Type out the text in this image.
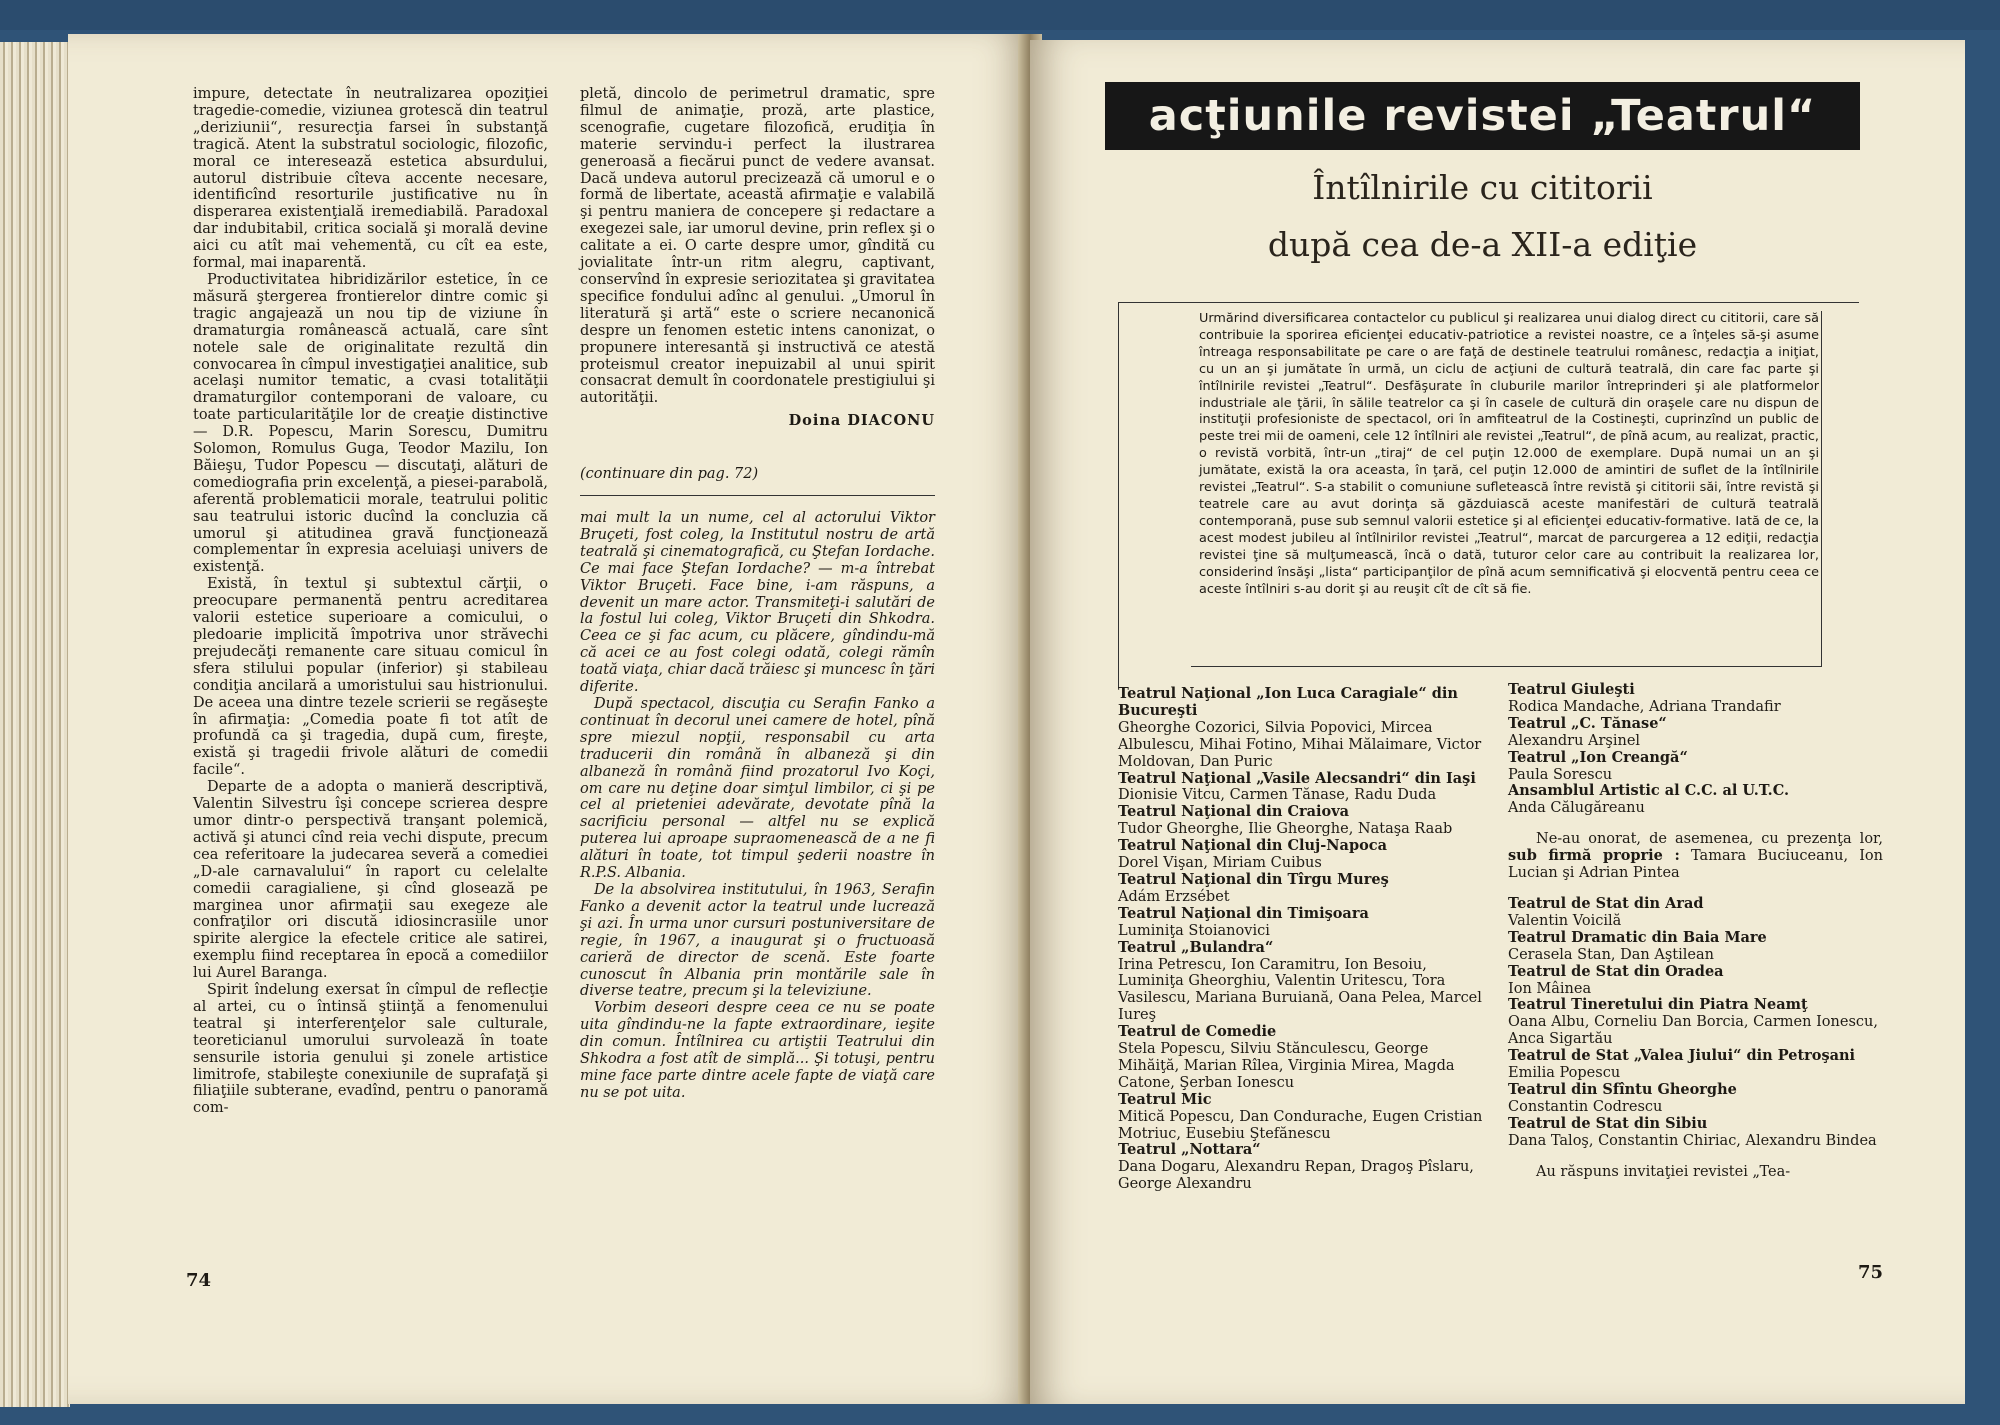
impure, detectate în neutralizarea opoziţiei tragedie-comedie, viziunea grotescă din teatrul „deriziunii“, resurecţia farsei în substanţă tragică. Atent la substratul sociologic, filozofic, moral ce interesează estetica absurdului, autorul distribuie cîteva accente necesare, identificînd resorturile justificative nu în disperarea existenţială iremediabilă. Paradoxal dar indubitabil, critica socială şi morală devine aici cu atît mai vehementă, cu cît ea este, formal, mai inaparentă.

Productivitatea hibridizărilor estetice, în ce măsură ştergerea frontierelor dintre comic şi tragic angajează un nou tip de viziune în dramaturgia românească actuală, care sînt notele sale de originalitate rezultă din convocarea în cîmpul investigaţiei analitice, sub acelaşi numitor tematic, a cvasi totalităţii dramaturgilor contemporani de valoare, cu toate particularităţile lor de creaţie distinctive — D.R. Popescu, Marin Sorescu, Dumitru Solomon, Romulus Guga, Teodor Mazilu, Ion Băieşu, Tudor Popescu — discutaţi, alături de comediografia prin excelenţă, a piesei-parabolă, aferentă problematicii morale, teatrului politic sau teatrului istoric ducînd la concluzia că umorul şi atitudinea gravă funcţionează complementar în expresia aceluiaşi univers de existenţă.

Există, în textul şi subtextul cărţii, o preocupare permanentă pentru acreditarea valorii estetice superioare a comicului, o pledoarie implicită împotriva unor străvechi prejudecăţi remanente care situau comicul în sfera stilului popular (inferior) şi stabileau condiţia ancilară a umoristului sau histrionului. De aceea una dintre tezele scrierii se regăseşte în afirmaţia: „Comedia poate fi tot atît de profundă ca şi tragedia, după cum, fireşte, există şi tragedii frivole alături de comedii facile“.

Departe de a adopta o manieră descriptivă, Valentin Silvestru îşi concepe scrierea despre umor dintr-o perspectivă tranşant polemică, activă şi atunci cînd reia vechi dispute, precum cea referitoare la judecarea severă a comediei „D-ale carnavalului“ în raport cu celelalte comedii caragialiene, şi cînd glosează pe marginea unor afirmaţii sau exegeze ale confraţilor ori discută idiosincrasiile unor spirite alergice la efectele critice ale satirei, exemplu fiind receptarea în epocă a comediilor lui Aurel Baranga.

Spirit îndelung exersat în cîmpul de reflecţie al artei, cu o întinsă ştiinţă a fenomenului teatral şi interferenţelor sale culturale, teoreticianul umorului survolează în toate sensurile istoria genului şi zonele artistice limitrofe, stabileşte conexiunile de suprafaţă şi filiaţiile subterane, evadînd, pentru o panoramă com-

pletă, dincolo de perimetrul dramatic, spre filmul de animaţie, proză, arte plastice, scenografie, cugetare filozofică, erudiţia în materie servindu-i perfect la ilustrarea generoasă a fiecărui punct de vedere avansat. Dacă undeva autorul precizează că umorul e o formă de libertate, această afirmaţie e valabilă şi pentru maniera de concepere şi redactare a exegezei sale, iar umorul devine, prin reflex şi o calitate a ei. O carte despre umor, gîndită cu jovialitate într-un ritm alegru, captivant, conservînd în expresie seriozitatea şi gravitatea specifice fondului adînc al genului. „Umorul în literatură şi artă“ este o scriere necanonică despre un fenomen estetic intens canonizat, o propunere interesantă şi instructivă ce atestă proteismul creator inepuizabil al unui spirit consacrat demult în coordonatele prestigiului şi autorităţii.

Doina DIACONU
(continuare din pag. 72)

mai mult la un nume, cel al actorului Viktor Bruçeti, fost coleg, la Institutul nostru de artă teatrală şi cinematografică, cu Ştefan Iordache. Ce mai face Ştefan Iordache? — m-a întrebat Viktor Bruçeti. Face bine, i-am răspuns, a devenit un mare actor. Transmiteţi-i salutări de la fostul lui coleg, Viktor Bruçeti din Shkodra. Ceea ce şi fac acum, cu plăcere, gîndindu-mă că acei ce au fost colegi odată, colegi rămîn toată viaţa, chiar dacă trăiesc şi muncesc în ţări diferite.

După spectacol, discuţia cu Serafin Fanko a continuat în decorul unei camere de hotel, pînă spre miezul nopţii, responsabil cu arta traducerii din română în albaneză şi din albaneză în română fiind prozatorul Ivo Koçi, om care nu deţine doar simţul limbilor, ci şi pe cel al prieteniei adevărate, devotate pînă la sacrificiu personal — altfel nu se explică puterea lui aproape supraomenească de a ne fi alături în toate, tot timpul şederii noastre în R.P.S. Albania.

De la absolvirea institutului, în 1963, Serafin Fanko a devenit actor la teatrul unde lucrează şi azi. În urma unor cursuri postuniversitare de regie, în 1967, a inaugurat şi o fructuoasă carieră de director de scenă. Este foarte cunoscut în Albania prin montările sale în diverse teatre, precum şi la televiziune.

Vorbim deseori despre ceea ce nu se poate uita gîndindu-ne la fapte extraordinare, ieşite din comun. Întîlnirea cu artiştii Teatrului din Shkodra a fost atît de simplă... Şi totuşi, pentru mine face parte dintre acele fapte de viaţă care nu se pot uita.

74
acţiunile revistei „Teatrul“
Întîlnirile cu cititorii
după cea de-a XII-a ediţie
Urmărind diversificarea contactelor cu publicul şi realizarea unui dialog direct cu cititorii, care să contribuie la sporirea eficienţei educativ-patriotice a revistei noastre, ce a înţeles să-şi asume întreaga responsabilitate pe care o are faţă de destinele teatrului românesc, redacţia a iniţiat, cu un an şi jumătate în urmă, un ciclu de acţiuni de cultură teatrală, din care fac parte şi întîlnirile revistei „Teatrul“. Desfăşurate în cluburile marilor întreprinderi şi ale platformelor industriale ale ţării, în sălile teatrelor ca şi în casele de cultură din oraşele care nu dispun de instituţii profesioniste de spectacol, ori în amfiteatrul de la Costineşti, cuprinzînd un public de peste trei mii de oameni, cele 12 întîlniri ale revistei „Teatrul“, de pînă acum, au realizat, practic, o revistă vorbită, într-un „tiraj“ de cel puţin 12.000 de exemplare. După numai un an şi jumătate, există la ora aceasta, în ţară, cel puţin 12.000 de amintiri de suflet de la întîlnirile revistei „Teatrul“. S-a stabilit o comuniune sufletească între revistă şi cititorii săi, între revistă şi teatrele care au avut dorinţa să găzduiască aceste manifestări de cultură teatrală contemporană, puse sub semnul valorii estetice şi al eficienţei educativ-formative. Iată de ce, la acest modest jubileu al întîlnirilor revistei „Teatrul“, marcat de parcurgerea a 12 ediţii, redacţia revistei ţine să mulţumească, încă o dată, tuturor celor care au contribuit la realizarea lor, considerind însăşi „lista“ participanţilor de pînă acum semnificativă şi elocventă pentru ceea ce aceste întîlniri s-au dorit şi au reuşit cît de cît să fie.
Teatrul Naţional „Ion Luca Caragiale“ din Bucureşti
Gheorghe Cozorici, Silvia Popovici, Mircea Albulescu, Mihai Fotino, Mihai Mălaimare, Victor Moldovan, Dan Puric
Teatrul Naţional „Vasile Alecsandri“ din Iaşi
Dionisie Vitcu, Carmen Tănase, Radu Duda
Teatrul Naţional din Craiova
Tudor Gheorghe, Ilie Gheorghe, Nataşa Raab
Teatrul Naţional din Cluj-Napoca
Dorel Vişan, Miriam Cuibus
Teatrul Naţional din Tîrgu Mureş
Adám Erzsébet
Teatrul Naţional din Timişoara
Luminiţa Stoianovici
Teatrul „Bulandra“
Irina Petrescu, Ion Caramitru, Ion Besoiu, Luminiţa Gheorghiu, Valentin Uritescu, Tora Vasilescu, Mariana Buruiană, Oana Pelea, Marcel Iureş
Teatrul de Comedie
Stela Popescu, Silviu Stănculescu, George Mihăiţă, Marian Rîlea, Virginia Mirea, Magda Catone, Şerban Ionescu
Teatrul Mic
Mitică Popescu, Dan Condurache, Eugen Cristian Motriuc, Eusebiu Ştefănescu
Teatrul „Nottara“
Dana Dogaru, Alexandru Repan, Dragoş Pîslaru, George Alexandru
Teatrul Giuleşti
Rodica Mandache, Adriana Trandafir
Teatrul „C. Tănase“
Alexandru Arşinel
Teatrul „Ion Creangă“
Paula Sorescu
Ansamblul Artistic al C.C. al U.T.C.
Anda Călugăreanu
Ne-au onorat, de asemenea, cu prezenţa lor, sub firmă proprie : Tamara Buciuceanu, Ion Lucian şi Adrian Pintea
Teatrul de Stat din Arad
Valentin Voicilă
Teatrul Dramatic din Baia Mare
Cerasela Stan, Dan Aştilean
Teatrul de Stat din Oradea
Ion Mâinea
Teatrul Tineretului din Piatra Neamţ
Oana Albu, Corneliu Dan Borcia, Carmen Ionescu, Anca Sigartău
Teatrul de Stat „Valea Jiului“ din Petroşani
Emilia Popescu
Teatrul din Sfîntu Gheorghe
Constantin Codrescu
Teatrul de Stat din Sibiu
Dana Taloş, Constantin Chiriac, Alexandru Bindea
Au răspuns invitaţiei revistei „Tea-
75
